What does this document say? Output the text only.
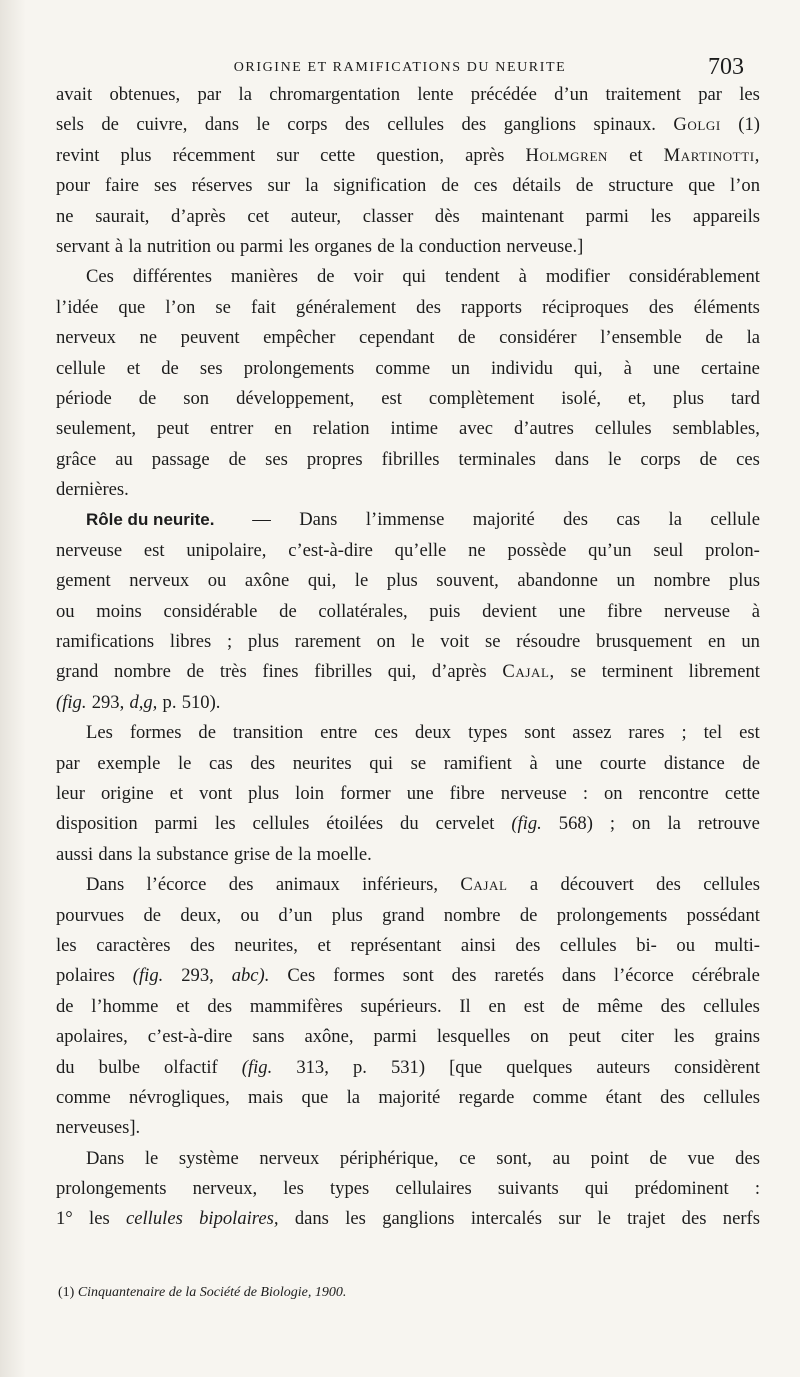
ORIGINE ET RAMIFICATIONS DU NEURITE	703
avait obtenues, par la chromargentation lente précédée d’un traitement par les
sels de cuivre, dans le corps des cellules des ganglions spinaux. Golgi (1)
revint plus récemment sur cette question, après Holmgren et Martinotti,
pour faire ses réserves sur la signification de ces détails de structure que l’on
ne saurait, d’après cet auteur, classer dès maintenant parmi les appareils
servant à la nutrition ou parmi les organes de la conduction nerveuse.]
Ces différentes manières de voir qui tendent à modifier considérablement
l’idée que l’on se fait généralement des rapports réciproques des éléments
nerveux ne peuvent empêcher cependant de considérer l’ensemble de la
cellule et de ses prolongements comme un individu qui, à une certaine
période de son développement, est complètement isolé, et, plus tard
seulement, peut entrer en relation intime avec d’autres cellules semblables,
grâce au passage de ses propres fibrilles terminales dans le corps de ces
dernières.
Rôle du neurite. — Dans l’immense majorité des cas la cellule
nerveuse est unipolaire, c’est-à-dire qu’elle ne possède qu’un seul prolon-
gement nerveux ou axône qui, le plus souvent, abandonne un nombre plus
ou moins considérable de collatérales, puis devient une fibre nerveuse à
ramifications libres ; plus rarement on le voit se résoudre brusquement en un
grand nombre de très fines fibrilles qui, d’après Cajal, se terminent librement
(fig. 293, d,g, p. 510).
Les formes de transition entre ces deux types sont assez rares ; tel est
par exemple le cas des neurites qui se ramifient à une courte distance de
leur origine et vont plus loin former une fibre nerveuse : on rencontre cette
disposition parmi les cellules étoilées du cervelet (fig. 568) ; on la retrouve
aussi dans la substance grise de la moelle.
Dans l’écorce des animaux inférieurs, Cajal a découvert des cellules
pourvues de deux, ou d’un plus grand nombre de prolongements possédant
les caractères des neurites, et représentant ainsi des cellules bi- ou multi-
polaires (fig. 293, abc). Ces formes sont des raretés dans l’écorce cérébrale
de l’homme et des mammifères supérieurs. Il en est de même des cellules
apolaires, c’est-à-dire sans axône, parmi lesquelles on peut citer les grains
du bulbe olfactif (fig. 313, p. 531) [que quelques auteurs considèrent
comme névrogliques, mais que la majorité regarde comme étant des cellules
nerveuses].
Dans le système nerveux périphérique, ce sont, au point de vue des
prolongements nerveux, les types cellulaires suivants qui prédominent :
1° les cellules bipolaires, dans les ganglions intercalés sur le trajet des nerfs
(1) Cinquantenaire de la Société de Biologie, 1900.
